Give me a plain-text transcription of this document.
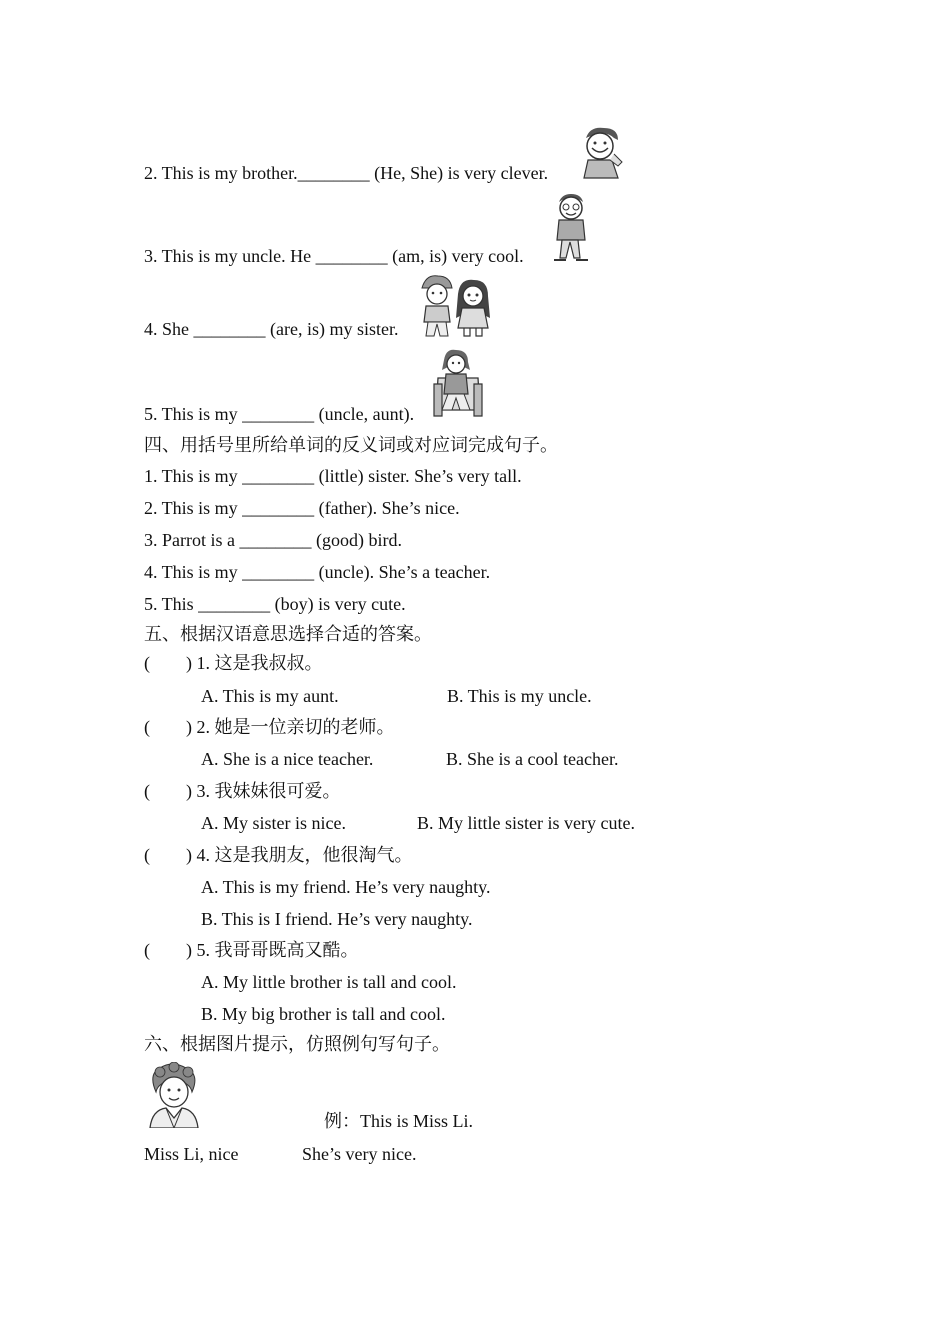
2. This is my brother.________ (He, She) is very clever.
3. This is my uncle. He ________ (am, is) very cool.
4. She ________ (are, is) my sister.
5. This is my ________ (uncle, aunt).
四、用括号里所给单词的反义词或对应词完成句子。
1. This is my ________ (little) sister. She’s very tall.
2. This is my ________ (father). She’s nice.
3. Parrot is a ________ (good) bird.
4. This is my ________ (uncle). She’s a teacher.
5. This ________ (boy) is very cute.
五、根据汉语意思选择合适的答案。
(        ) 1. 这是我叔叔。
A. This is my aunt.	B. This is my uncle.
(        ) 2. 她是一位亲切的老师。
A. She is a nice teacher.	B. She is a cool teacher.
(        ) 3. 我妹妹很可爱。
A. My sister is nice.	B. My little sister is very cute.
(        ) 4. 这是我朋友，他很淘气。
A. This is my friend. He’s very naughty.
B. This is I friend. He’s very naughty.
(        ) 5. 我哥哥既高又酷。
A. My little brother is tall and cool.
B. My big brother is tall and cool.
六、根据图片提示，仿照例句写句子。
例：This is Miss Li.
Miss Li, nice	She’s very nice.
